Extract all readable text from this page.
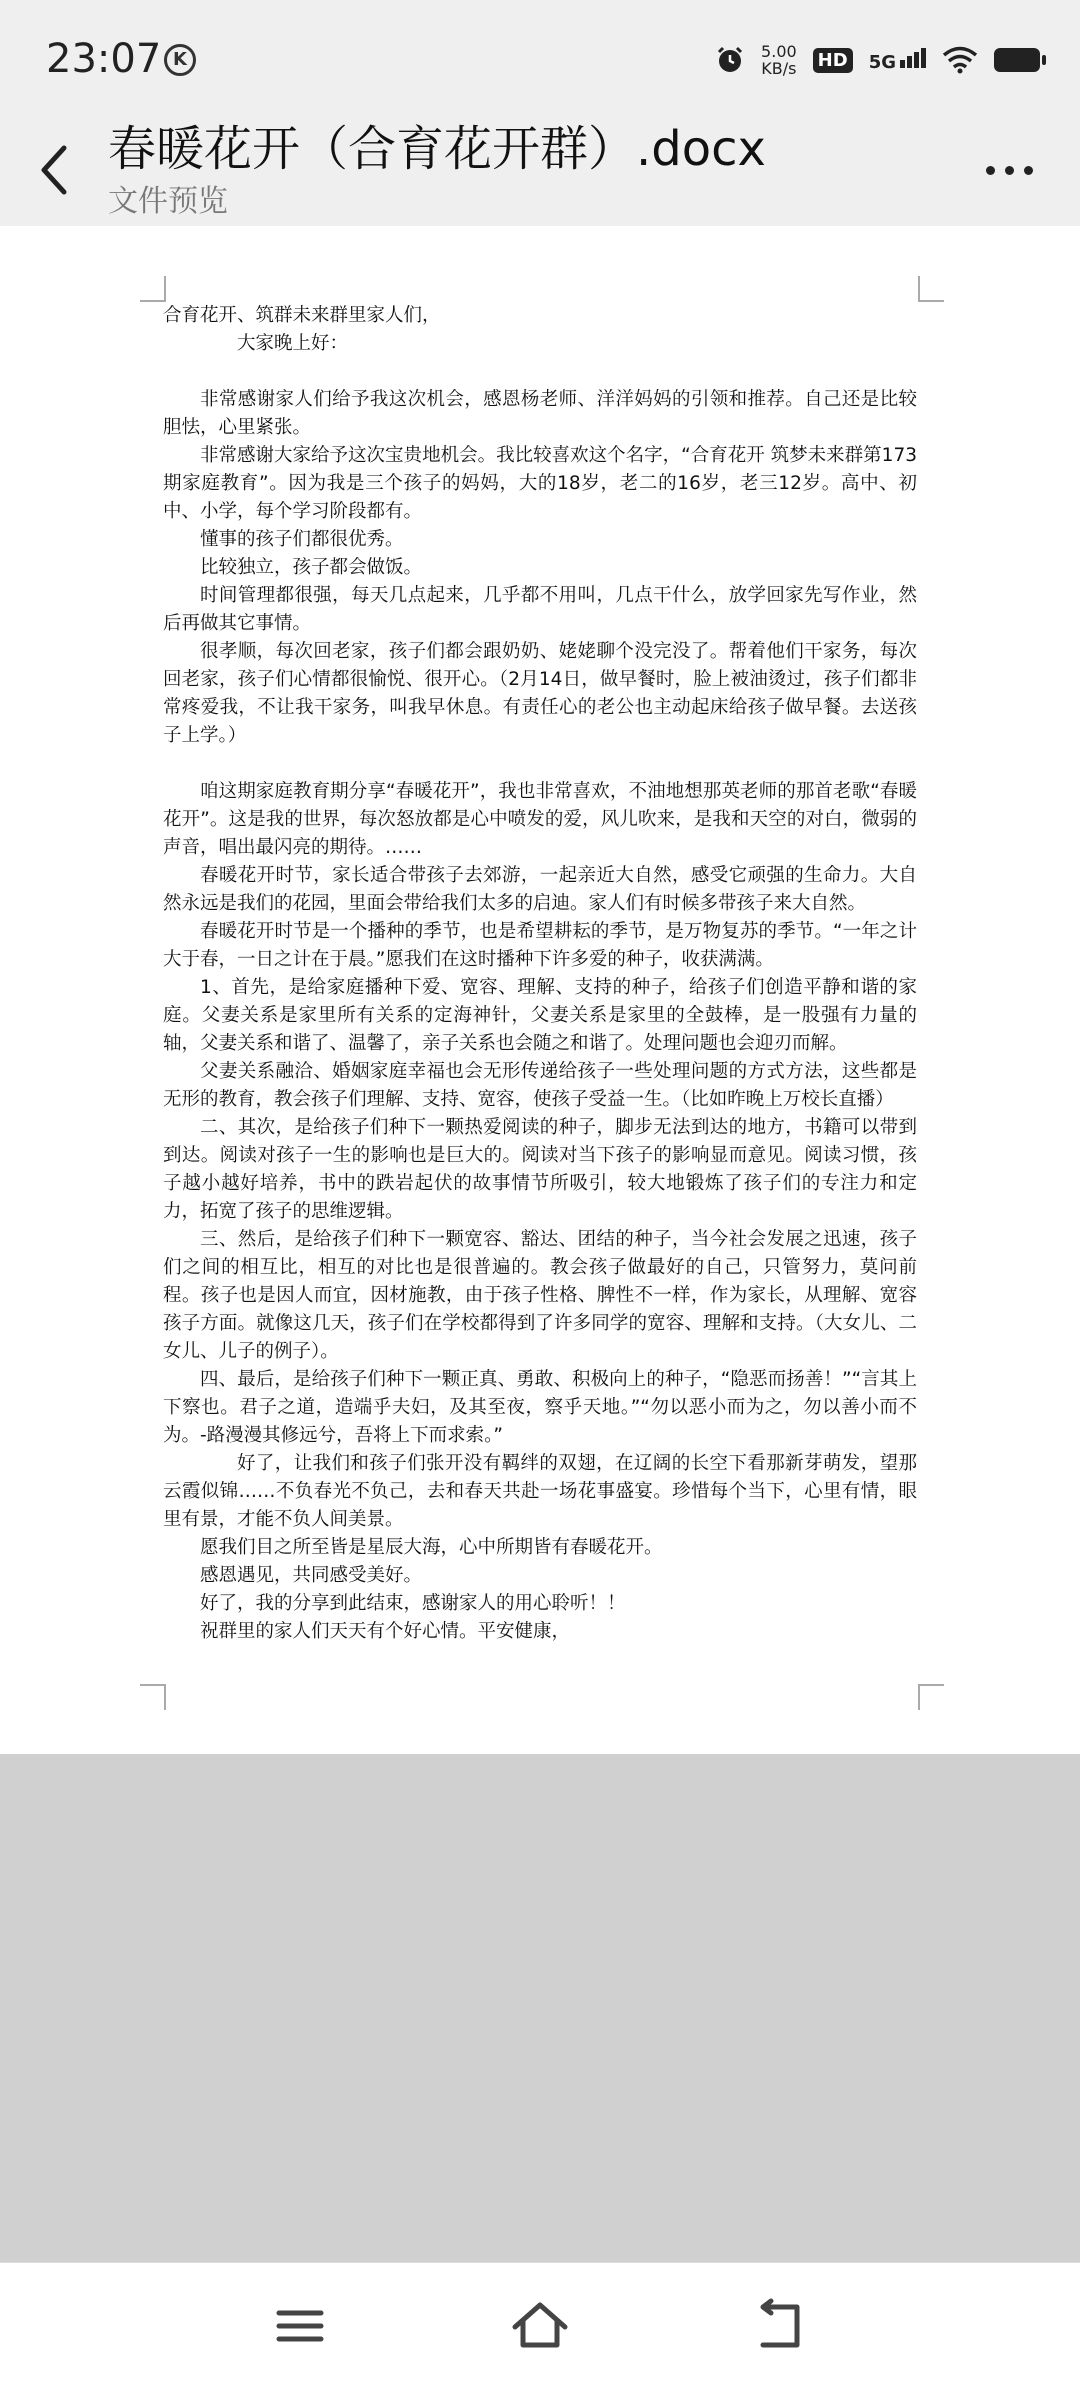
23:07 K	5.00
KB/s HD 5G
春暖花开（合育花开群）.docx
文件预览

合育花开、筑群未来群里家人们，

大家晚上好：

非常感谢家人们给予我这次机会，感恩杨老师、洋洋妈妈的引领和推荐。自己还是比较胆怯，心里紧张。

非常感谢大家给予这次宝贵地机会。我比较喜欢这个名字，“合育花开 筑梦未来群第173期家庭教育”。因为我是三个孩子的妈妈，大的18岁，老二的16岁，老三12岁。高中、初中、小学，每个学习阶段都有。

懂事的孩子们都很优秀。

比较独立，孩子都会做饭。

时间管理都很强，每天几点起来，几乎都不用叫，几点干什么，放学回家先写作业，然后再做其它事情。

很孝顺，每次回老家，孩子们都会跟奶奶、姥姥聊个没完没了。帮着他们干家务，每次回老家，孩子们心情都很愉悦、很开心。（2月14日，做早餐时，脸上被油烫过，孩子们都非常疼爱我，不让我干家务，叫我早休息。有责任心的老公也主动起床给孩子做早餐。去送孩子上学。）

咱这期家庭教育期分享“春暖花开”，我也非常喜欢，不油地想那英老师的那首老歌“春暖花开”。这是我的世界，每次怒放都是心中喷发的爱，风儿吹来，是我和天空的对白，微弱的声音，唱出最闪亮的期待。……

春暖花开时节，家长适合带孩子去郊游，一起亲近大自然，感受它顽强的生命力。大自然永远是我们的花园，里面会带给我们太多的启迪。家人们有时候多带孩子来大自然。

春暖花开时节是一个播种的季节，也是希望耕耘的季节，是万物复苏的季节。“一年之计大于春，一日之计在于晨。”愿我们在这时播种下许多爱的种子，收获满满。

1、首先，是给家庭播种下爱、宽容、理解、支持的种子，给孩子们创造平静和谐的家庭。父妻关系是家里所有关系的定海神针，父妻关系是家里的全鼓棒，是一股强有力量的轴，父妻关系和谐了、温馨了，亲子关系也会随之和谐了。处理问题也会迎刃而解。

父妻关系融洽、婚姻家庭幸福也会无形传递给孩子一些处理问题的方式方法，这些都是无形的教育，教会孩子们理解、支持、宽容，使孩子受益一生。（比如昨晚上万校长直播）

二、其次，是给孩子们种下一颗热爱阅读的种子，脚步无法到达的地方，书籍可以带到到达。阅读对孩子一生的影响也是巨大的。阅读对当下孩子的影响显而意见。阅读习惯，孩子越小越好培养，书中的跌岩起伏的故事情节所吸引，较大地锻炼了孩子们的专注力和定力，拓宽了孩子的思维逻辑。

三、然后，是给孩子们种下一颗宽容、豁达、团结的种子，当今社会发展之迅速，孩子们之间的相互比，相互的对比也是很普遍的。教会孩子做最好的自己，只管努力，莫问前程。孩子也是因人而宜，因材施教，由于孩子性格、脾性不一样，作为家长，从理解、宽容孩子方面。就像这几天，孩子们在学校都得到了许多同学的宽容、理解和支持。（大女儿、二女儿、儿子的例子）。

四、最后，是给孩子们种下一颗正真、勇敢、积极向上的种子，“隐恶而扬善！”“言其上下察也。君子之道，造端乎夫妇，及其至夜，察乎天地。”“勿以恶小而为之，勿以善小而不为。-路漫漫其修远兮，吾将上下而求索。”

好了，让我们和孩子们张开没有羁绊的双翅，在辽阔的长空下看那新芽萌发，望那云霞似锦……不负春光不负己，去和春天共赴一场花事盛宴。珍惜每个当下，心里有情，眼里有景，才能不负人间美景。

愿我们目之所至皆是星辰大海，心中所期皆有春暖花开。

感恩遇见，共同感受美好。

好了，我的分享到此结束，感谢家人的用心聆听！！

祝群里的家人们天天有个好心情。平安健康，
